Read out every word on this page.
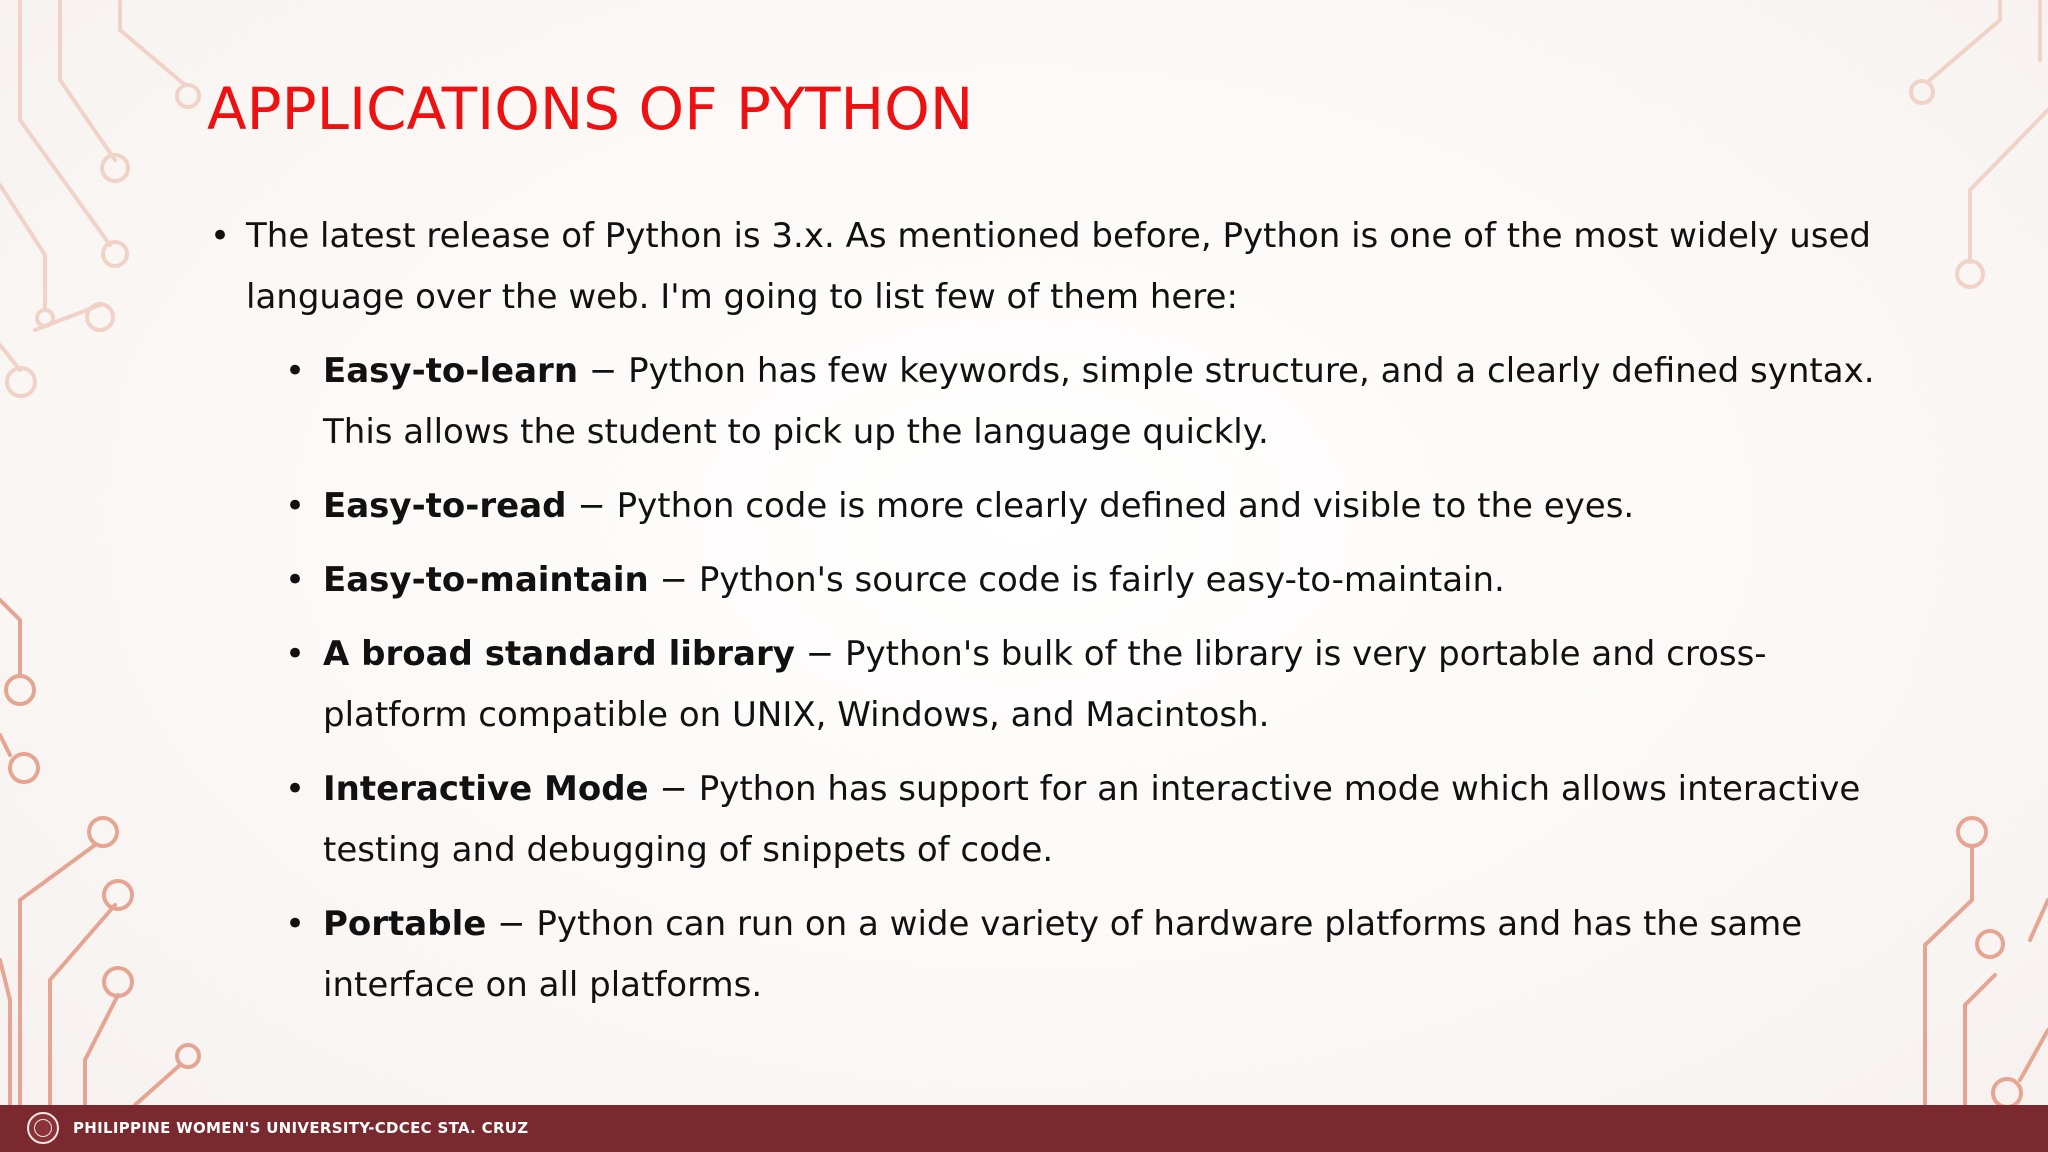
APPLICATIONS OF PYTHON

• The latest release of Python is 3.x. As mentioned before, Python is one of the most widely used language over the web. I'm going to list few of them here:

• Easy-to-learn − Python has few keywords, simple structure, and a clearly defined syntax. This allows the student to pick up the language quickly.
• Easy-to-read − Python code is more clearly defined and visible to the eyes.
• Easy-to-maintain − Python's source code is fairly easy-to-maintain.
• A broad standard library − Python's bulk of the library is very portable and cross-platform compatible on UNIX, Windows, and Macintosh.
• Interactive Mode − Python has support for an interactive mode which allows interactive testing and debugging of snippets of code.
• Portable − Python can run on a wide variety of hardware platforms and has the same interface on all platforms.
PHILIPPINE WOMEN'S UNIVERSITY-CDCEC STA. CRUZ
